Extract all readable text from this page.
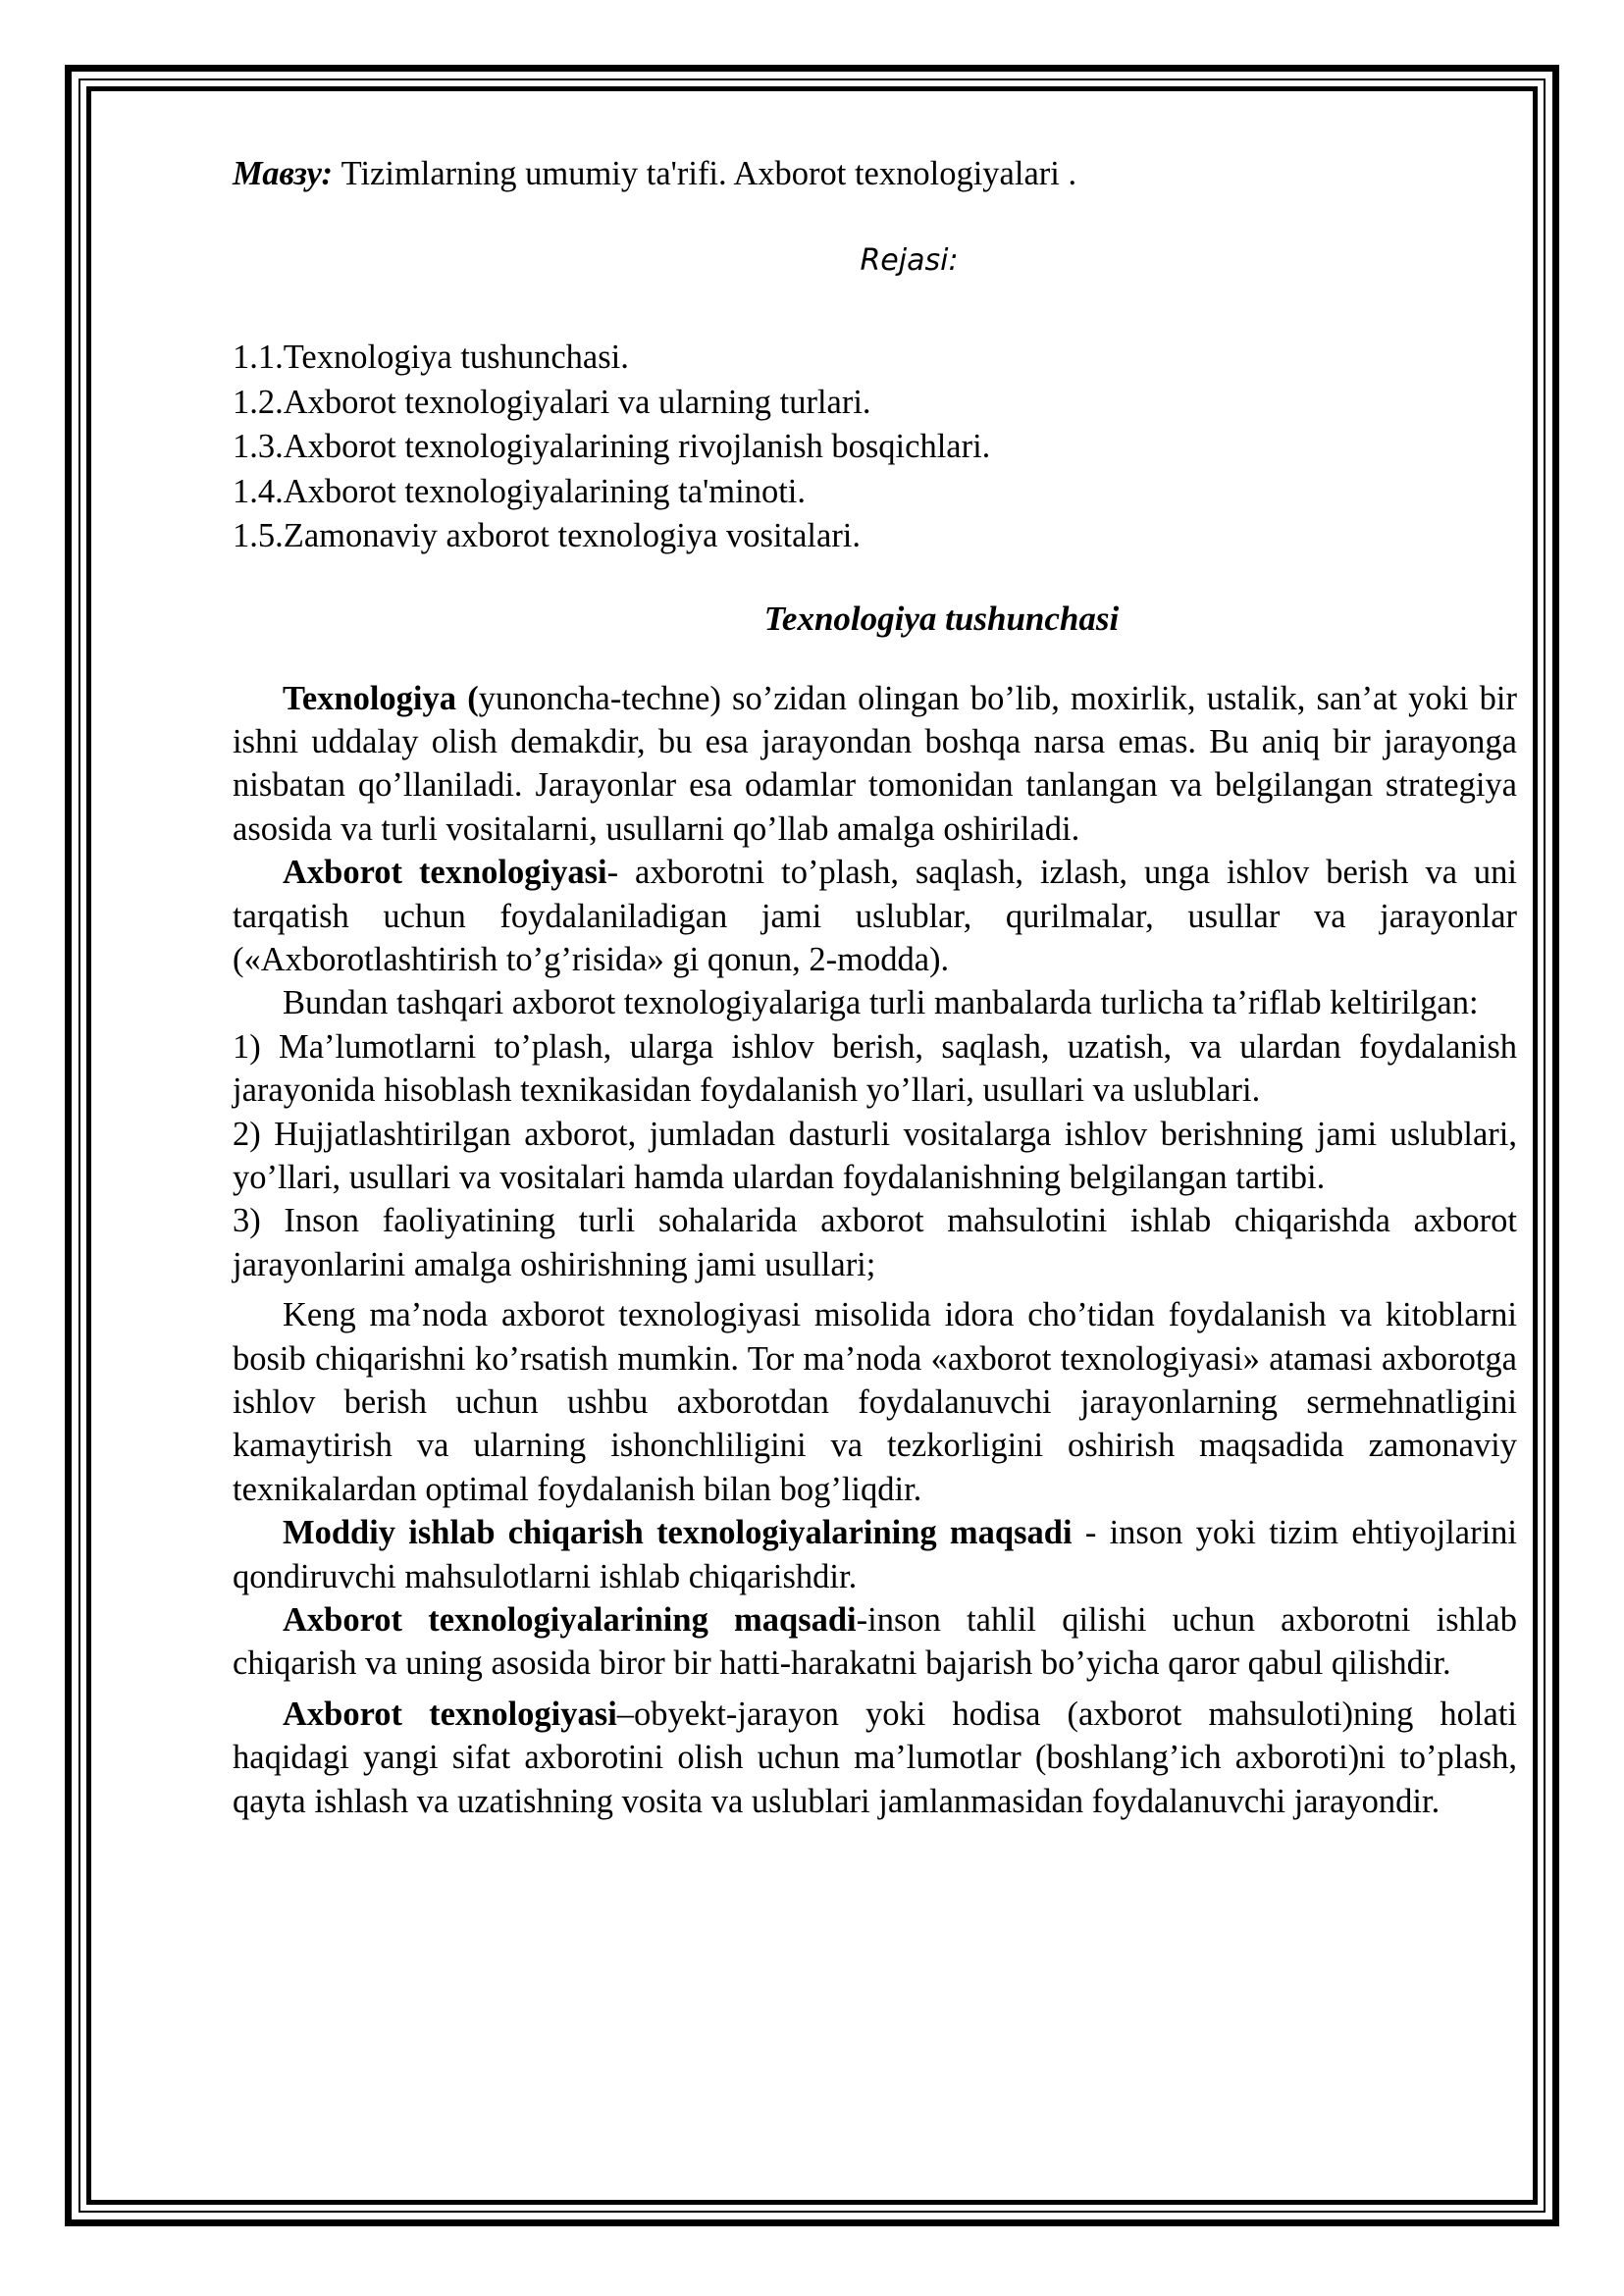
Мавзу: Tizimlarning umumiy ta'rifi. Axborot texnologiyalari .

Rejasi:
1.1.Texnologiya tushunchasi.
1.2.Axborot texnologiyalari va ularning turlari.
1.3.Axborot texnologiyalarining rivojlanish bosqichlari.
1.4.Axborot texnologiyalarining ta'minoti.
1.5.Zamonaviy axborot texnologiya vositalari.
Texnologiya tushunchasi

Texnologiya (yunoncha-techne) so’zidan olingan bo’lib, moxirlik, ustalik, san’at yoki bir ishni uddalay olish demakdir, bu esa jarayondan boshqa narsa emas. Bu aniq bir jarayonga nisbatan qo’llaniladi. Jarayonlar esa odamlar tomonidan tanlangan va belgilangan strategiya asosida va turli vositalarni, usullarni qo’llab amalga oshiriladi.

Axborot texnologiyasi- axborotni to’plash, saqlash, izlash, unga ishlov berish va uni tarqatish uchun foydalaniladigan jami uslublar, qurilmalar, usullar va jarayonlar («Axborotlashtirish to’g’risida» gi qonun, 2-modda).

Bundan tashqari axborot texnologiyalariga turli manbalarda turlicha ta’riflab keltirilgan:

1) Ma’lumotlarni to’plash, ularga ishlov berish, saqlash, uzatish, va ulardan foydalanish jarayonida hisoblash texnikasidan foydalanish yo’llari, usullari va uslublari.

2) Hujjatlashtirilgan axborot, jumladan dasturli vositalarga ishlov berishning jami uslublari, yo’llari, usullari va vositalari hamda ulardan foydalanishning belgilangan tartibi.

3) Inson faoliyatining turli sohalarida axborot mahsulotini ishlab chiqarishda axborot jarayonlarini amalga oshirishning jami usullari;

Keng ma’noda axborot texnologiyasi misolida idora cho’tidan foydalanish va kitoblarni bosib chiqarishni ko’rsatish mumkin. Tor ma’noda «axborot texnologiyasi» atamasi axborotga ishlov berish uchun ushbu axborotdan foydalanuvchi jarayonlarning sermehnatligini kamaytirish va ularning ishonchliligini va tezkorligini oshirish maqsadida zamonaviy texnikalardan optimal foydalanish bilan bog’liqdir.

Moddiy ishlab chiqarish texnologiyalarining maqsadi - inson yoki tizim ehtiyojlarini qondiruvchi mahsulotlarni ishlab chiqarishdir.

Axborot texnologiyalarining maqsadi-inson tahlil qilishi uchun axborotni ishlab chiqarish va uning asosida biror bir hatti-harakatni bajarish bo’yicha qaror qabul qilishdir.

Axborot texnologiyasi–obyekt-jarayon yoki hodisa (axborot mahsuloti)ning holati haqidagi yangi sifat axborotini olish uchun ma’lumotlar (boshlang’ich axboroti)ni to’plash, qayta ishlash va uzatishning vosita va uslublari jamlanmasidan foydalanuvchi jarayondir.
